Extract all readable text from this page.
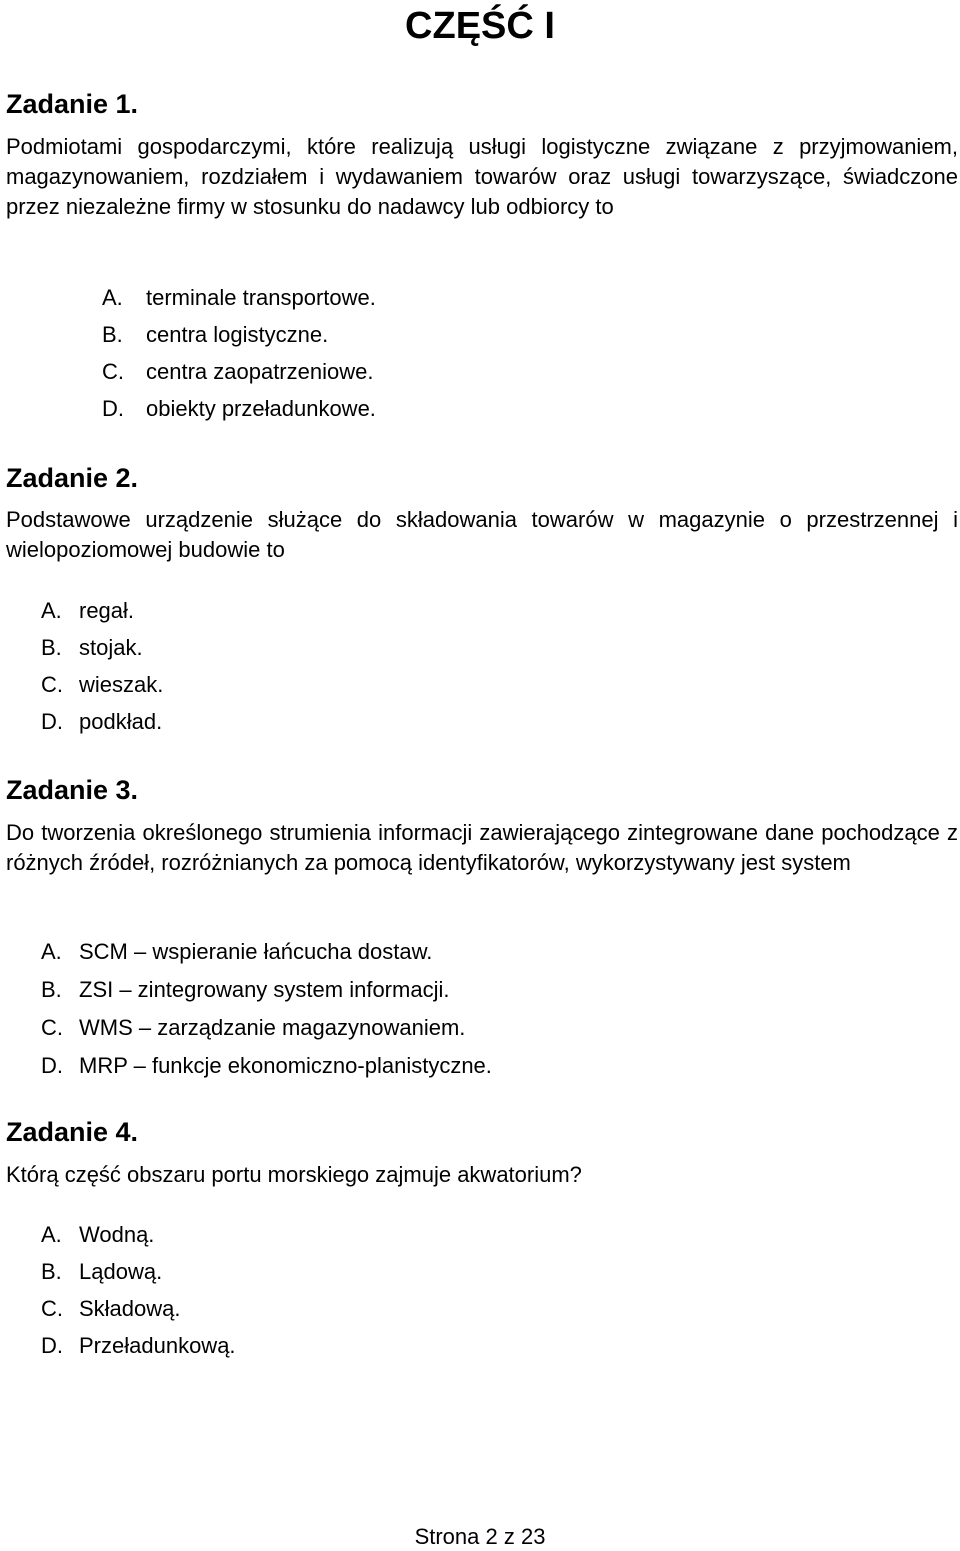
CZĘŚĆ I
Zadanie 1.

Podmiotami gospodarczymi, które realizują usługi logistyczne związane z przyjmowaniem, magazynowaniem, rozdziałem i wydawaniem towarów oraz usługi towarzyszące, świadczone przez niezależne firmy w stosunku do nadawcy lub odbiorcy to

A.	terminale transportowe.
B.	centra logistyczne.
C.	centra zaopatrzeniowe.
D.	obiekty przeładunkowe.
Zadanie 2.

Podstawowe urządzenie służące do składowania towarów w magazynie o przestrzennej i wielopoziomowej budowie to

A. regał.
B. stojak.
C. wieszak.
D. podkład.
Zadanie 3.

Do tworzenia określonego strumienia informacji zawierającego zintegrowane dane pochodzące z różnych źródeł, rozróżnianych za pomocą identyfikatorów, wykorzystywany jest system

A. SCM – wspieranie łańcucha dostaw.
B. ZSI – zintegrowany system informacji.
C. WMS – zarządzanie magazynowaniem.
D. MRP – funkcje ekonomiczno-planistyczne.
Zadanie 4.

Którą część obszaru portu morskiego zajmuje akwatorium?

A. Wodną.
B. Lądową.
C. Składową.
D. Przeładunkową.
Strona 2 z 23
